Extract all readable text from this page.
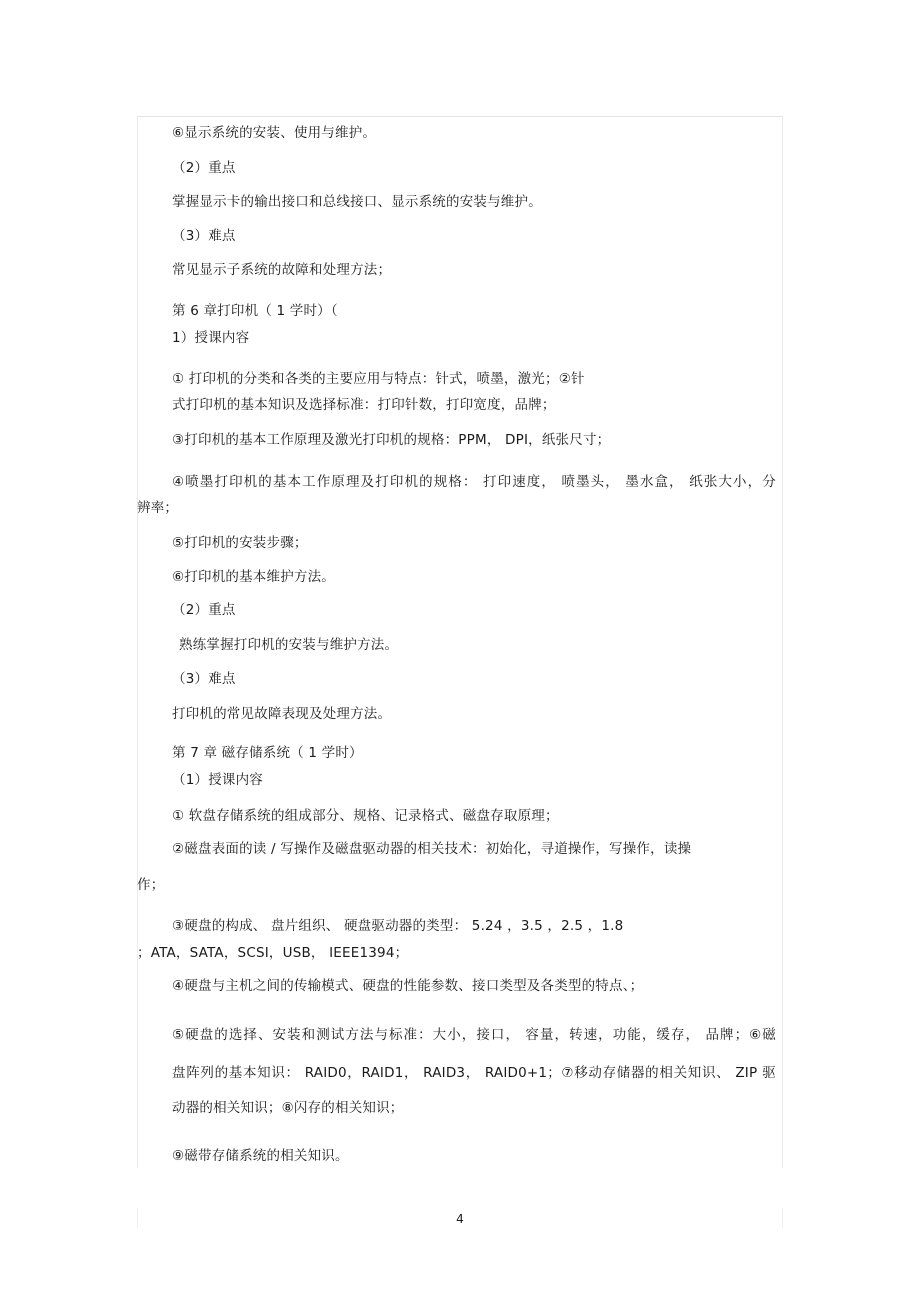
⑥显示系统的安装、使用与维护。
（2）重点
掌握显示卡的输出接口和总线接口、显示系统的安装与维护。
（3）难点
常见显示子系统的故障和处理方法；
第 6 章打印机（ 1 学时）（
1）授课内容
① 打印机的分类和各类的主要应用与特点：针式，喷墨，激光；②针
式打印机的基本知识及选择标准：打印针数，打印宽度，品牌；
③打印机的基本工作原理及激光打印机的规格：PPM， DPI，纸张尺寸；
④喷墨打印机的基本工作原理及打印机的规格： 打印速度， 喷墨头， 墨水盒， 纸张大小，分
辨率；
⑤打印机的安装步骤；
⑥打印机的基本维护方法。
（2）重点
熟练掌握打印机的安装与维护方法。
（3）难点
打印机的常见故障表现及处理方法。
第 7 章 磁存储系统（ 1 学时）
（1）授课内容
① 软盘存储系统的组成部分、规格、记录格式、磁盘存取原理；
②磁盘表面的读 / 写操作及磁盘驱动器的相关技术：初始化，寻道操作，写操作，读操
作；
③硬盘的构成、 盘片组织、 硬盘驱动器的类型： 5.24 ，3.5 ，2.5 ，1.8
；ATA，SATA，SCSI，USB， IEEE1394；
④硬盘与主机之间的传输模式、硬盘的性能参数、接口类型及各类型的特点、；
⑤硬盘的选择、安装和测试方法与标准：大小，接口， 容量，转速，功能，缓存， 品牌；⑥磁
盘阵列的基本知识： RAID0，RAID1， RAID3， RAID0+1；⑦移动存储器的相关知识、 ZIP 驱
动器的相关知识；⑧闪存的相关知识；
⑨磁带存储系统的相关知识。
4
